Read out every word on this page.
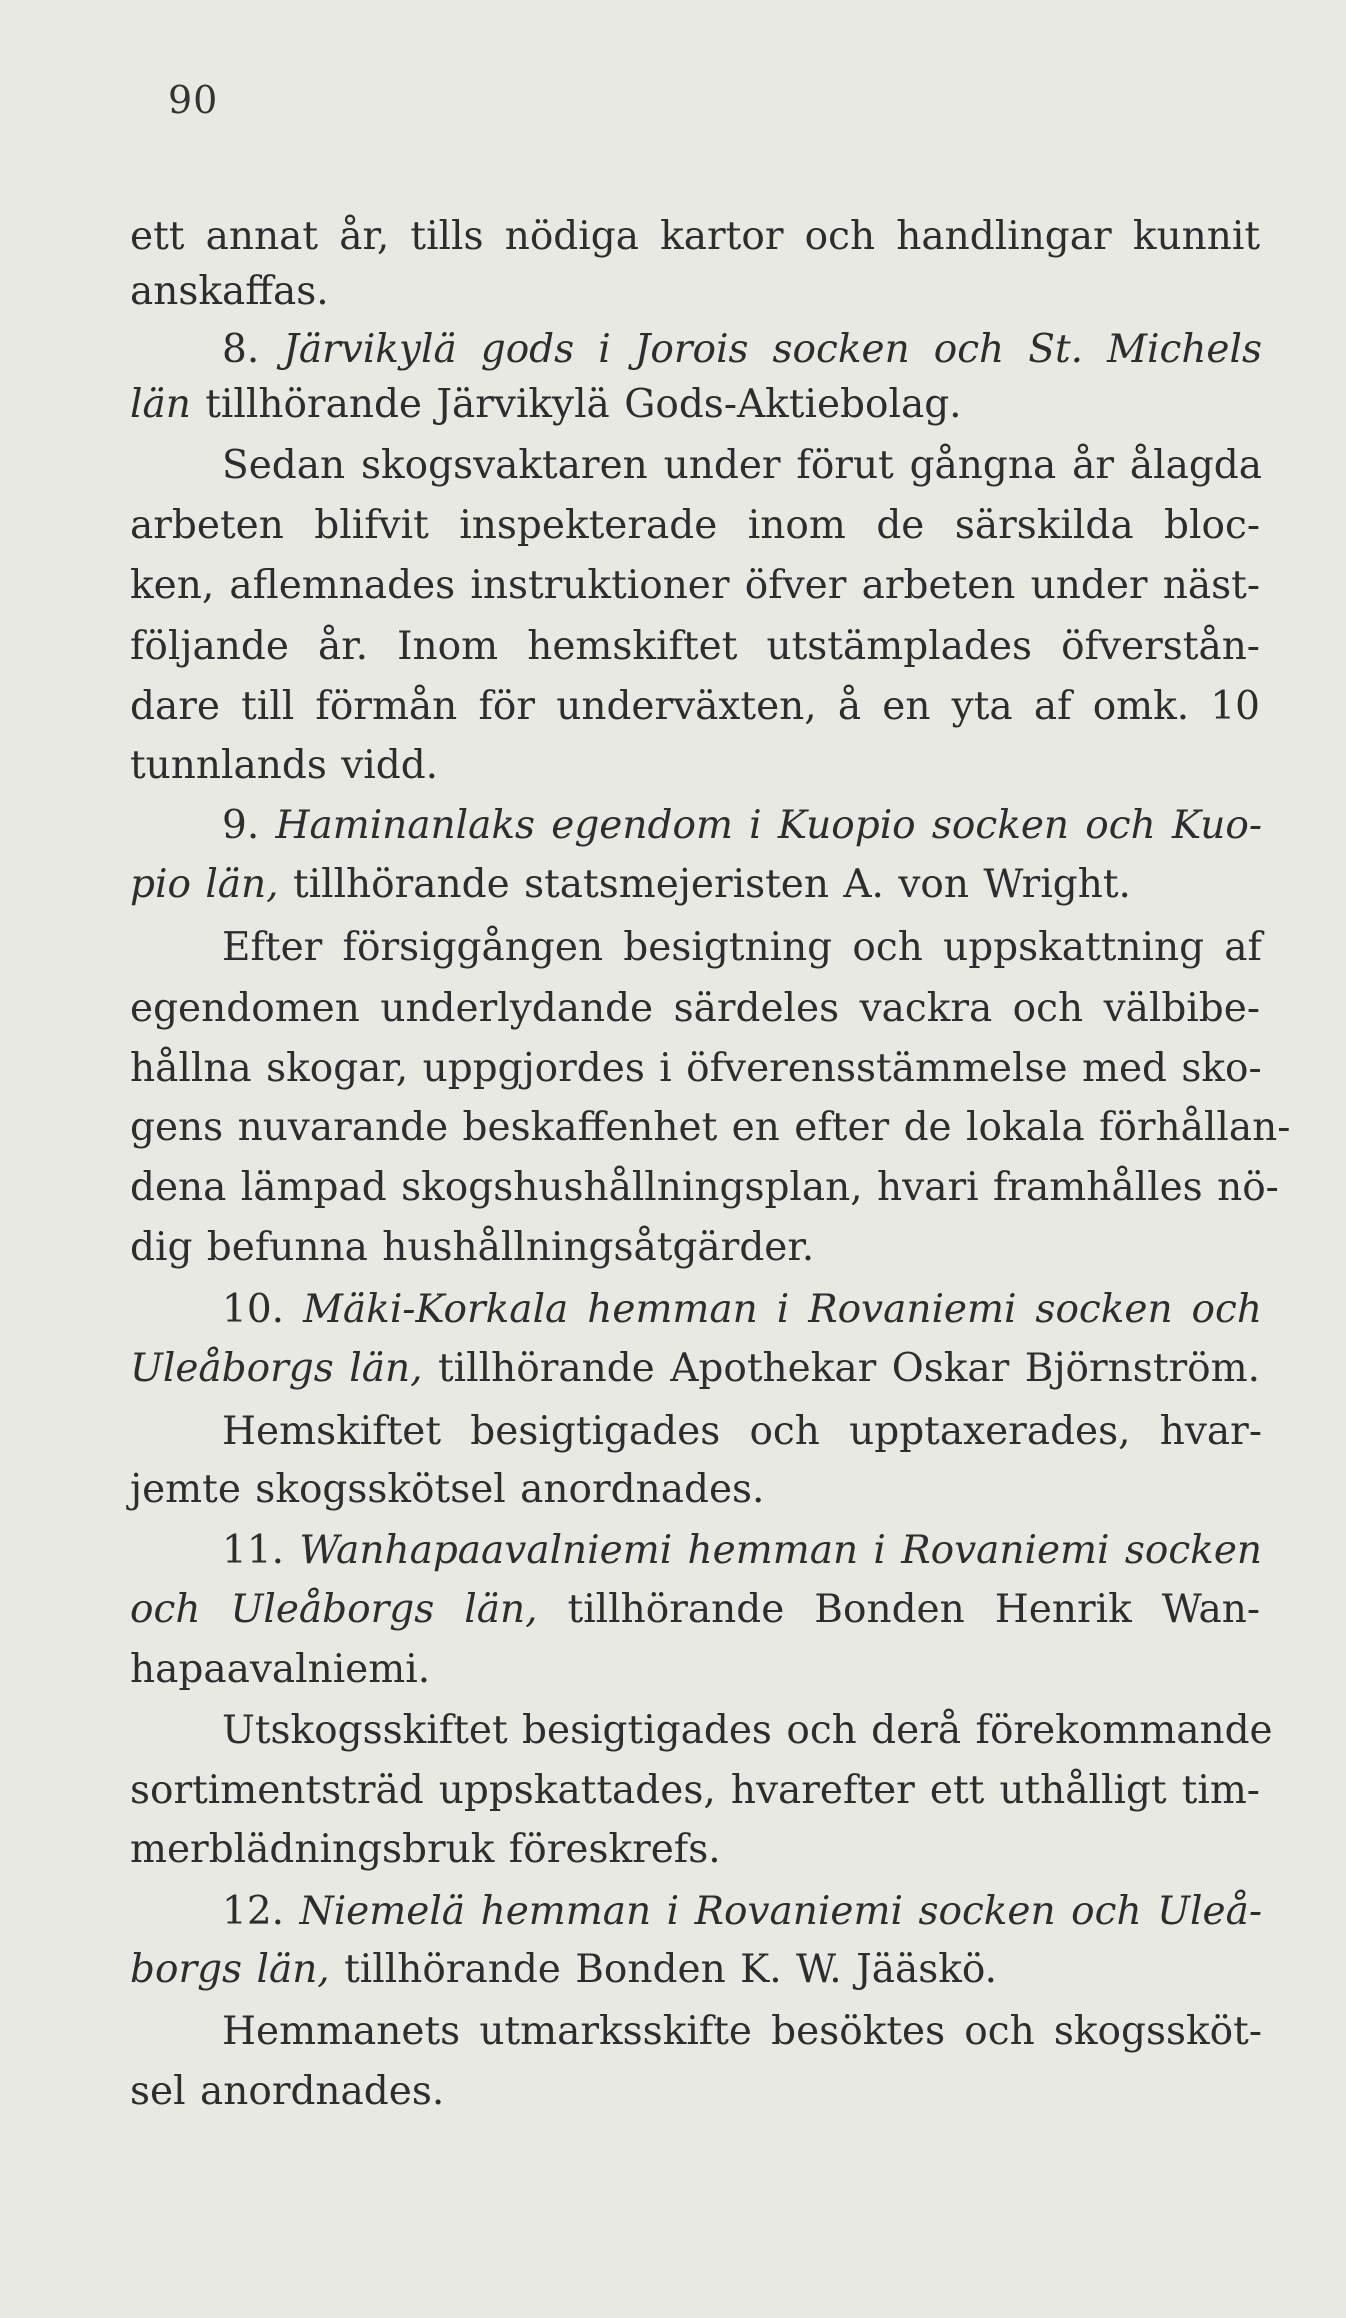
90
ett annat år, tills nödiga kartor och handlingar kunnit
anskaffas.
8. Järvikylä gods i Jorois socken och St. Michels
län tillhörande Järvikylä Gods-Aktiebolag.
Sedan skogsvaktaren under förut gångna år ålagda
arbeten blifvit inspekterade inom de särskilda bloc-
ken, aflemnades instruktioner öfver arbeten under näst-
följande år. Inom hemskiftet utstämplades öfverstån-
dare till förmån för underväxten, å en yta af omk. 10
tunnlands vidd.
9. Haminanlaks egendom i Kuopio socken och Kuo-
pio län, tillhörande statsmejeristen A. von Wright.
Efter försiggången besigtning och uppskattning af
egendomen underlydande särdeles vackra och välbibe-
hållna skogar, uppgjordes i öfverensstämmelse med sko-
gens nuvarande beskaffenhet en efter de lokala förhållan-
dena lämpad skogshushållningsplan, hvari framhålles nö-
dig befunna hushållningsåtgärder.
10. Mäki-Korkala hemman i Rovaniemi socken och
Uleåborgs län, tillhörande Apothekar Oskar Björnström.
Hemskiftet besigtigades och upptaxerades, hvar-
jemte skogsskötsel anordnades.
11. Wanhapaavalniemi hemman i Rovaniemi socken
och Uleåborgs län, tillhörande Bonden Henrik Wan-
hapaavalniemi.
Utskogsskiftet besigtigades och derå förekommande
sortimentsträd uppskattades, hvarefter ett uthålligt tim-
merblädningsbruk föreskrefs.
12. Niemelä hemman i Rovaniemi socken och Uleå-
borgs län, tillhörande Bonden K. W. Jääskö.
Hemmanets utmarksskifte besöktes och skogssköt-
sel anordnades.
